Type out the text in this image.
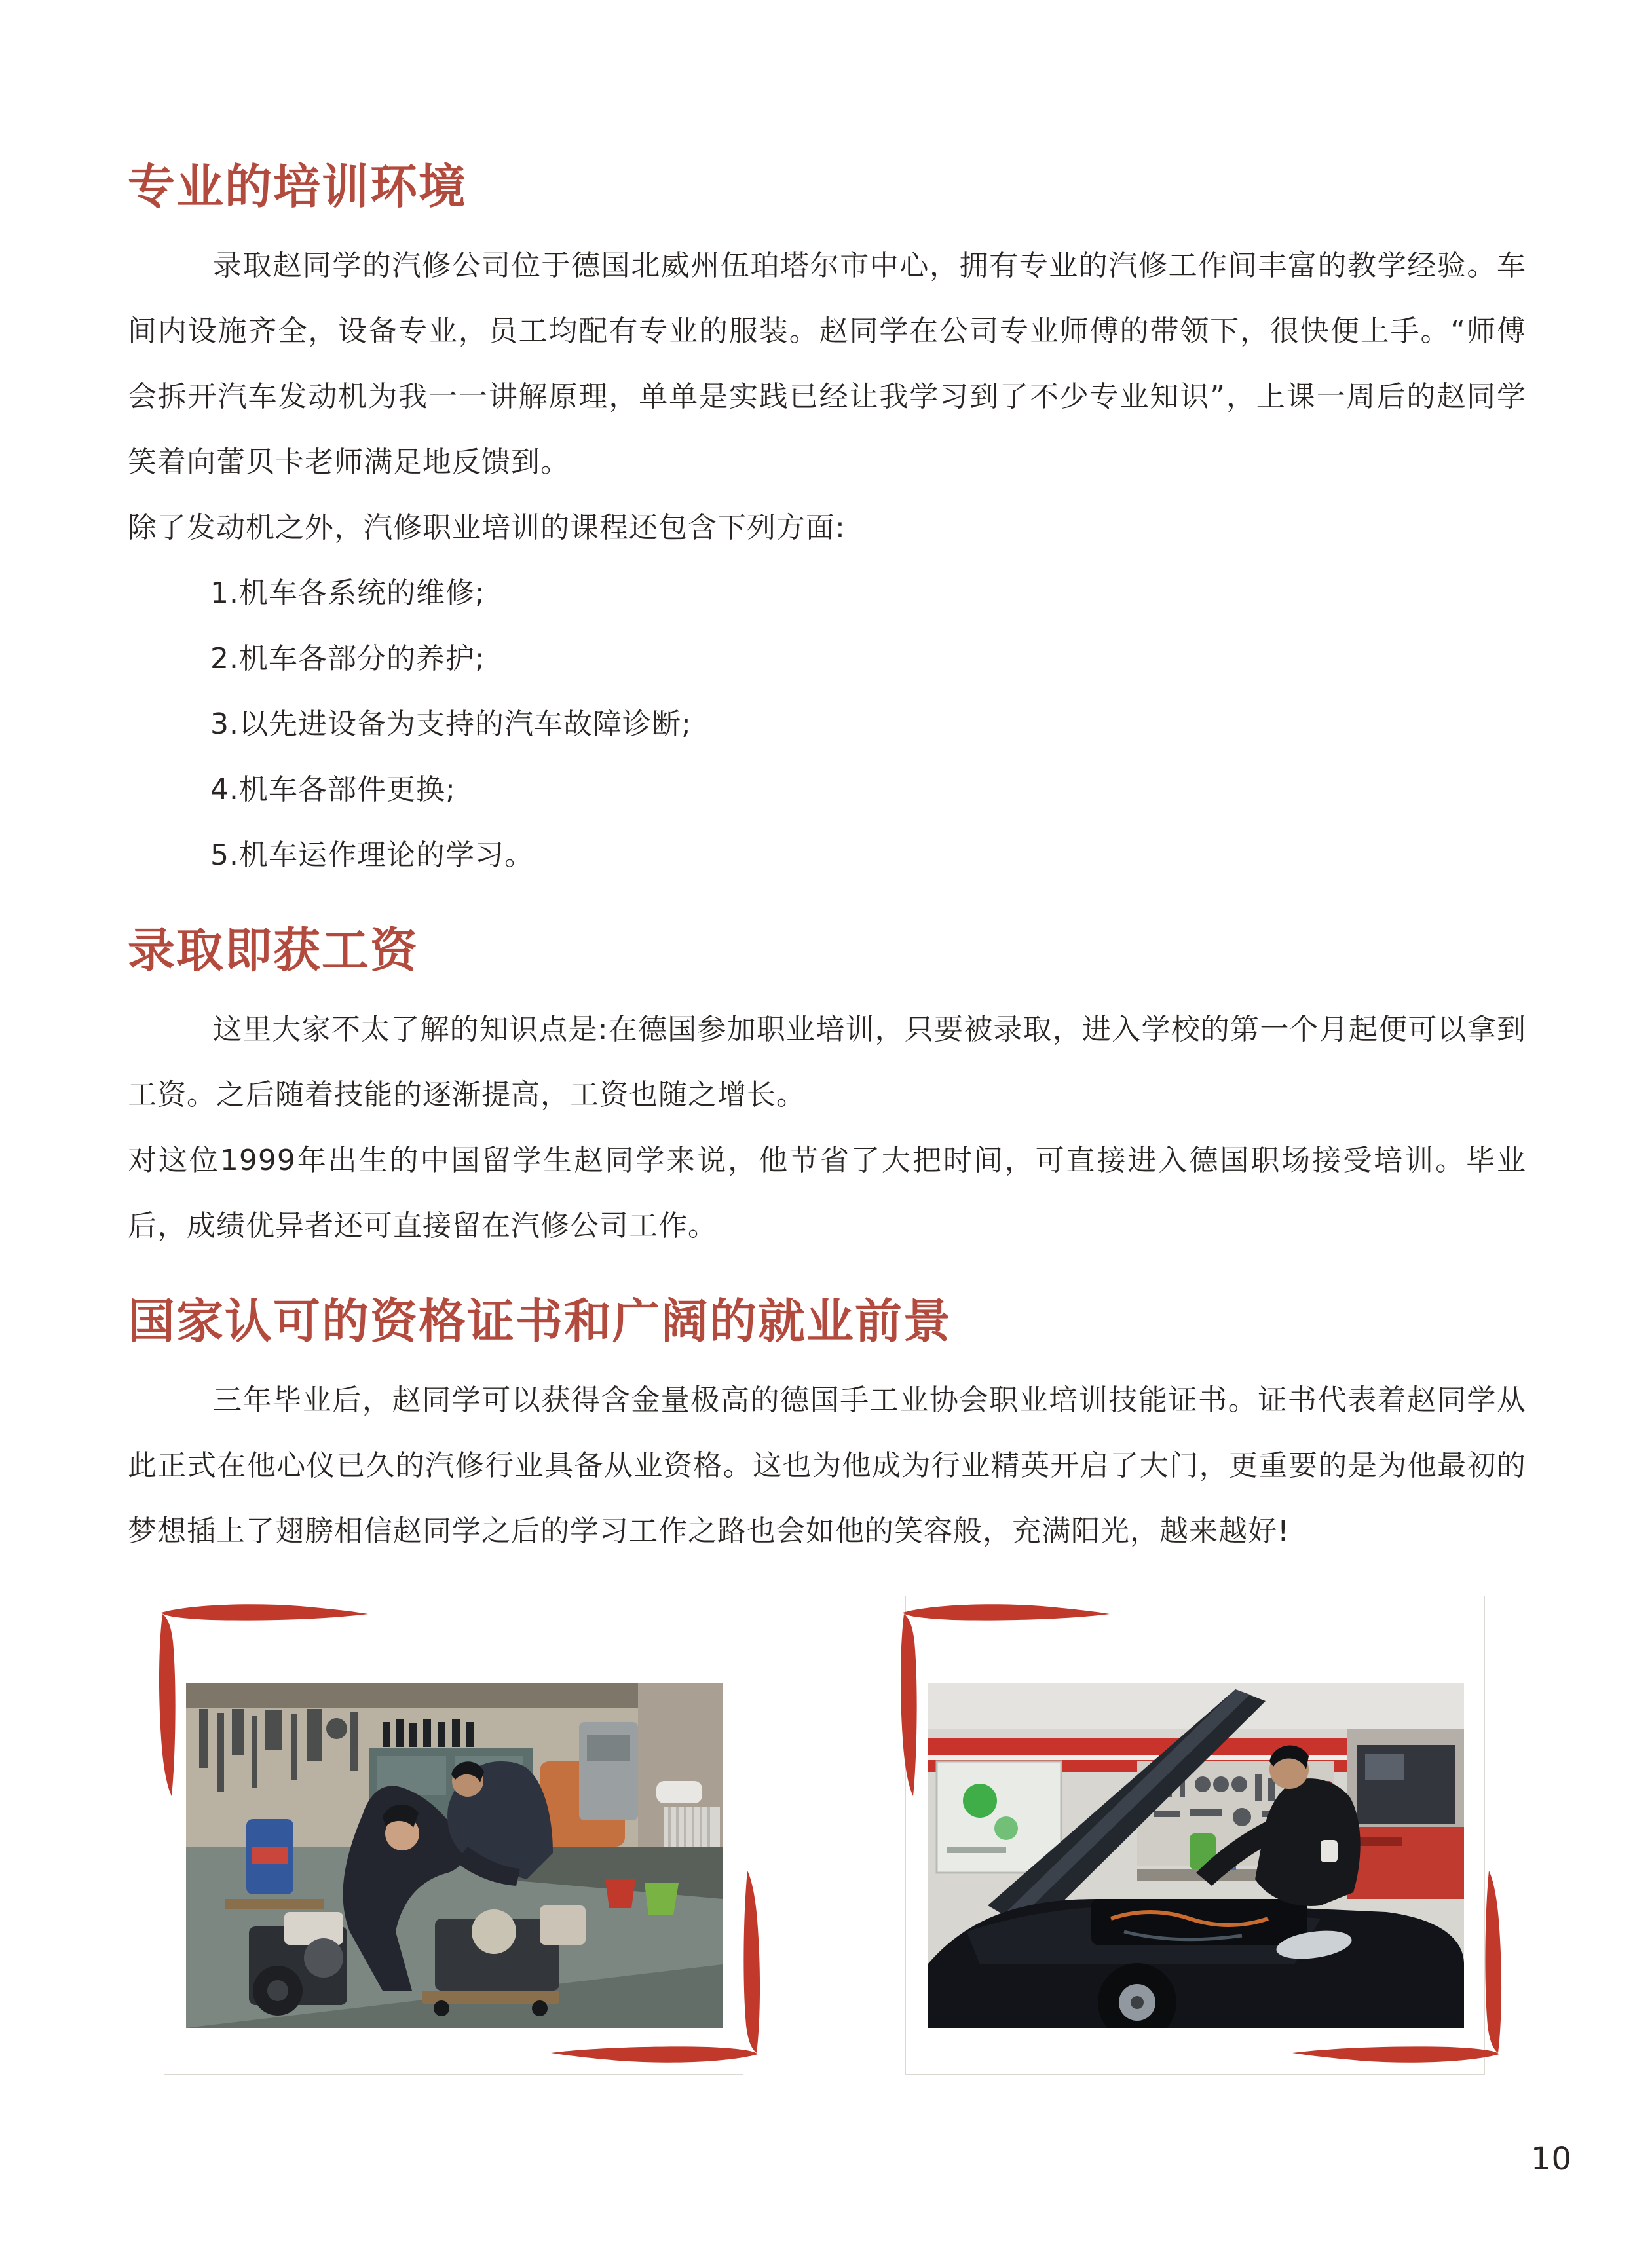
专业的培训环境

录取赵同学的汽修公司位于德国北威州伍珀塔尔市中心，拥有专业的汽修工作间丰富的教学经验。车间内设施齐全，设备专业，员工均配有专业的服装。赵同学在公司专业师傅的带领下，很快便上手。“师傅会拆开汽车发动机为我一一讲解原理，单单是实践已经让我学习到了不少专业知识”，上课一周后的赵同学笑着向蕾贝卡老师满足地反馈到。

除了发动机之外，汽修职业培训的课程还包含下列方面:

1.机车各系统的维修;
2.机车各部分的养护;
3.以先进设备为支持的汽车故障诊断;
4.机车各部件更换;
5.机车运作理论的学习。
录取即获工资

这里大家不太了解的知识点是:在德国参加职业培训，只要被录取，进入学校的第一个月起便可以拿到工资。之后随着技能的逐渐提高，工资也随之增长。

对这位1999年出生的中国留学生赵同学来说，他节省了大把时间，可直接进入德国职场接受培训。毕业后，成绩优异者还可直接留在汽修公司工作。

国家认可的资格证书和广阔的就业前景

三年毕业后，赵同学可以获得含金量极高的德国手工业协会职业培训技能证书。证书代表着赵同学从此正式在他心仪已久的汽修行业具备从业资格。这也为他成为行业精英开启了大门，更重要的是为他最初的梦想插上了翅膀相信赵同学之后的学习工作之路也会如他的笑容般，充满阳光，越来越好!

10
